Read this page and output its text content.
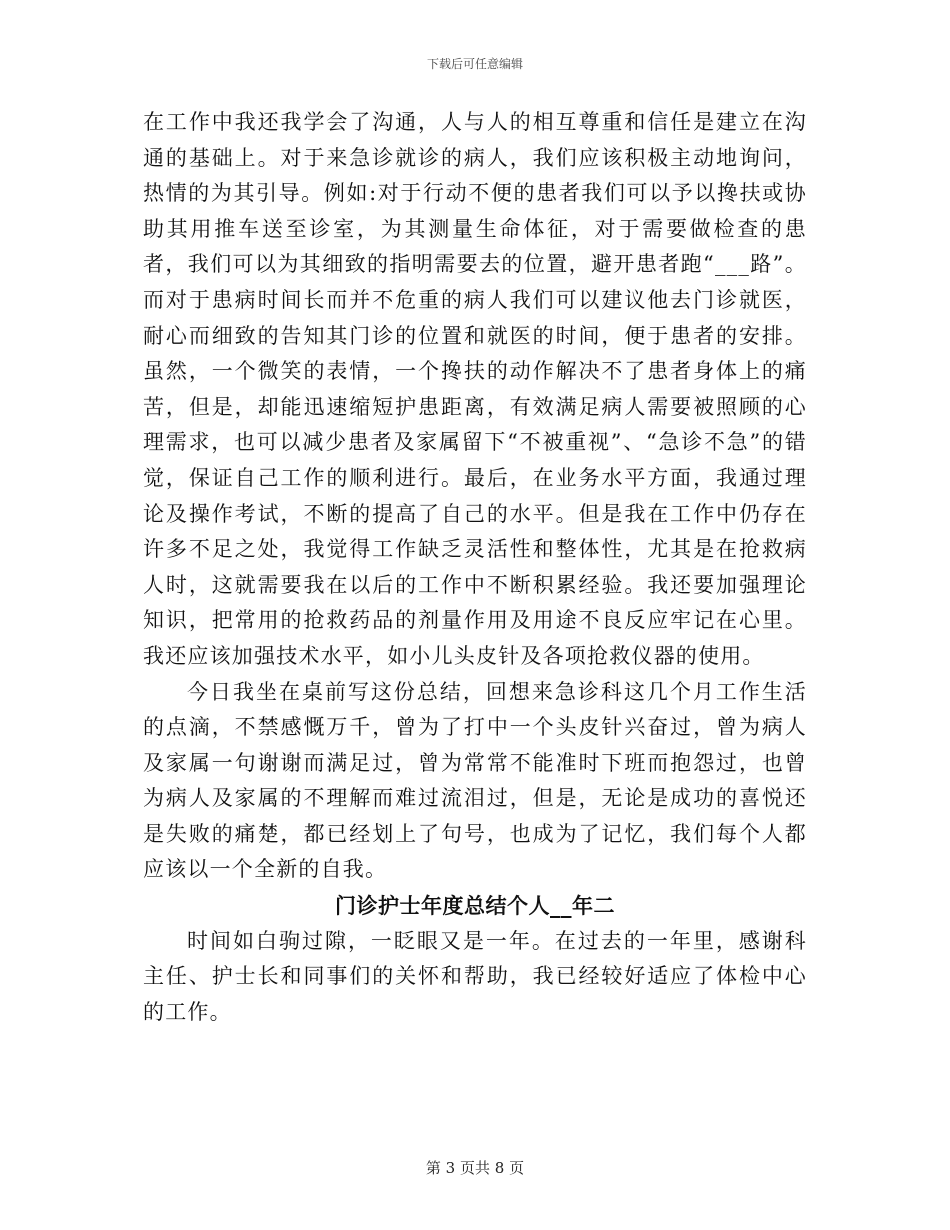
下载后可任意编辑

在工作中我还我学会了沟通，人与人的相互尊重和信任是建立在沟通的基础上。对于来急诊就诊的病人，我们应该积极主动地询问，热情的为其引导。例如:对于行动不便的患者我们可以予以搀扶或协助其用推车送至诊室，为其测量生命体征，对于需要做检查的患者，我们可以为其细致的指明需要去的位置，避开患者跑“___路”。而对于患病时间长而并不危重的病人我们可以建议他去门诊就医，耐心而细致的告知其门诊的位置和就医的时间，便于患者的安排。虽然，一个微笑的表情，一个搀扶的动作解决不了患者身体上的痛苦，但是，却能迅速缩短护患距离，有效满足病人需要被照顾的心理需求，也可以减少患者及家属留下“不被重视”、“急诊不急”的错觉，保证自己工作的顺利进行。最后，在业务水平方面，我通过理论及操作考试，不断的提高了自己的水平。但是我在工作中仍存在许多不足之处，我觉得工作缺乏灵活性和整体性，尤其是在抢救病人时，这就需要我在以后的工作中不断积累经验。我还要加强理论知识，把常用的抢救药品的剂量作用及用途不良反应牢记在心里。我还应该加强技术水平，如小儿头皮针及各项抢救仪器的使用。

今日我坐在桌前写这份总结，回想来急诊科这几个月工作生活的点滴，不禁感慨万千，曾为了打中一个头皮针兴奋过，曾为病人及家属一句谢谢而满足过，曾为常常不能准时下班而抱怨过，也曾为病人及家属的不理解而难过流泪过，但是，无论是成功的喜悦还是失败的痛楚，都已经划上了句号，也成为了记忆，我们每个人都应该以一个全新的自我。

门诊护士年度总结个人__年二

时间如白驹过隙，一眨眼又是一年。在过去的一年里，感谢科主任、护士长和同事们的关怀和帮助，我已经较好适应了体检中心的工作。

第 3 页共 8 页
